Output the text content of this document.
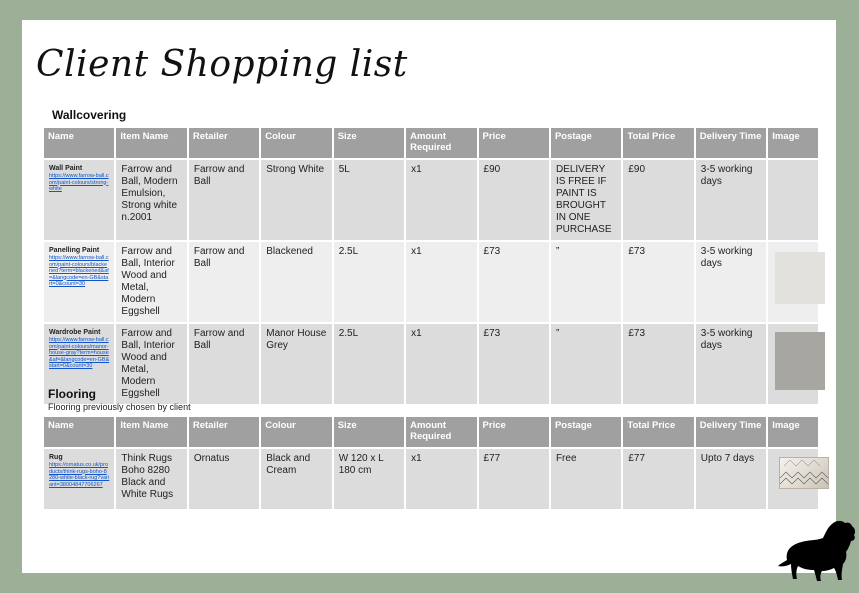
Client Shopping list
Wallcovering
Name	Item Name	Retailer	Colour	Size	Amount Required	Price	Postage	Total Price	Delivery Time	Image

Wall Paint
https://www.farrow-ball.com/paint-colours/strong-white	Farrow and Ball, Modern Emulsion, Strong white n.2001	Farrow and Ball	Strong White	5L	x1	£90	DELIVERY IS FREE IF PAINT IS BROUGHT IN ONE PURCHASE	£90	3-5 working days	

Panelling Paint
https://www.farrow-ball.com/paint-colours/blackened?term=blackened&af=&langcode=en-GB&start=0&count=30	Farrow and Ball, Interior Wood and Metal, Modern Eggshell	Farrow and Ball	Blackened	2.5L	x1	£73	”	£73	3-5 working days	

Wardrobe Paint
https://www.farrow-ball.com/paint-colours/manor-house-gray?term=house&af=&langcode=en-GB&start=0&count=30	Farrow and Ball, Interior Wood and Metal, Modern Eggshell	Farrow and Ball	Manor House Grey	2.5L	x1	£73	”	£73	3-5 working days	
Flooring
Flooring previously chosen by client
Name	Item Name	Retailer	Colour	Size	Amount Required	Price	Postage	Total Price	Delivery Time	Image

Rug
https://ornatus.co.uk/products/think-rugs-boho-8280-white-black-rug?variant=38004847706267	Think Rugs Boho 8280 Black and White Rugs	Ornatus	Black and Cream	W 120 x L 180 cm	x1	£77	Free	£77	Upto 7 days	
